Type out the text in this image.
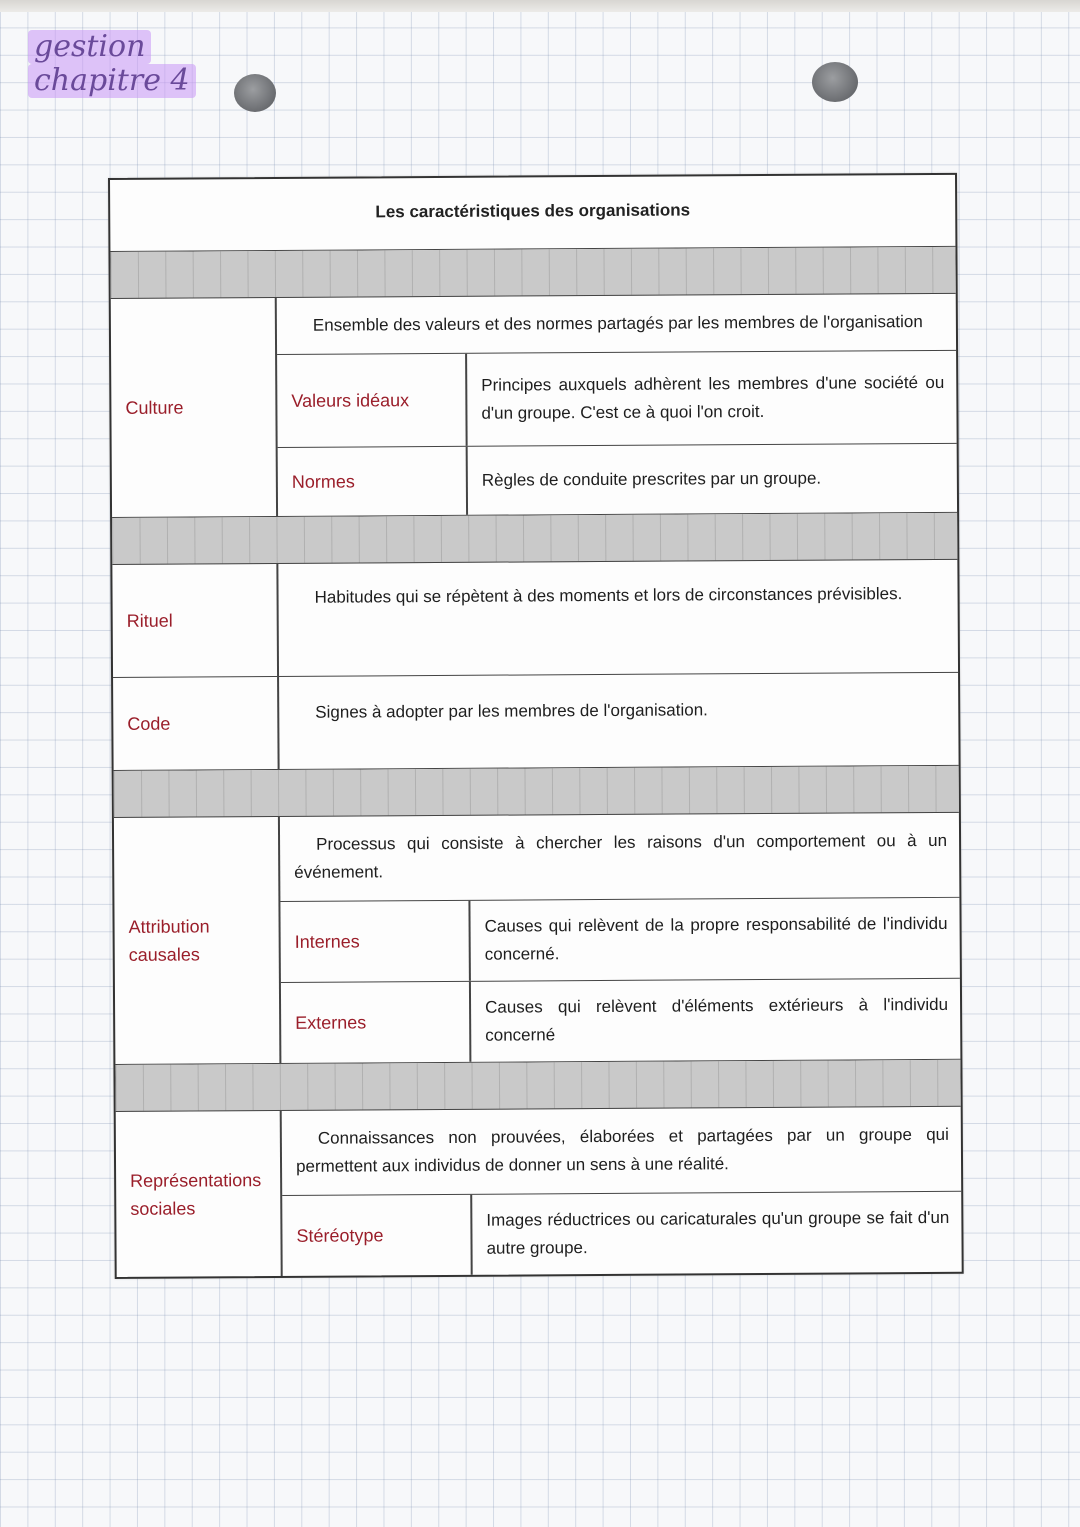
gestion
chapitre 4
Les caractéristiques des organisations
Culture
Ensemble des valeurs et des normes partagés par les membres de l'organisation
Valeurs idéaux
Principes auxquels adhèrent les membres d'une société ou d'un groupe. C'est ce à quoi l'on croit.
Normes	Règles de conduite prescrites par un groupe.
Rituel
Habitudes qui se répètent à des moments et lors de circonstances prévisibles.
Code
Signes à adopter par les membres de l'organisation.
Attribution causales
Processus qui consiste à chercher les raisons d'un comportement ou à un événement.
Internes
Causes qui relèvent de la propre responsabilité de l'individu concerné.
Externes
Causes qui relèvent d'éléments extérieurs à l'individu concerné
Représentations sociales
Connaissances non prouvées, élaborées et partagées par un groupe qui permettent aux individus de donner un sens à une réalité.
Stéréotype
Images réductrices ou caricaturales qu'un groupe se fait d'un autre groupe.
